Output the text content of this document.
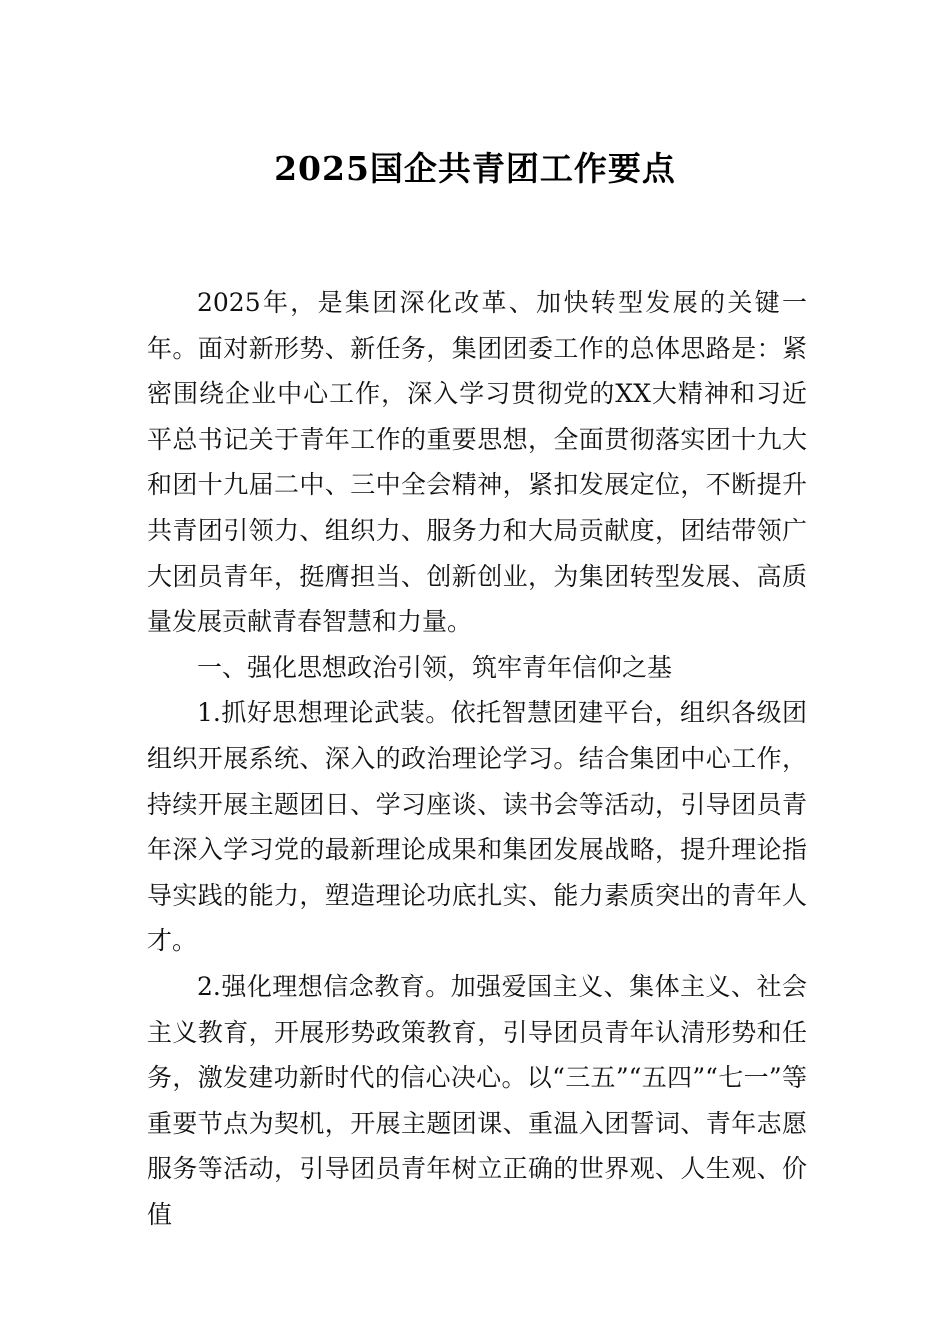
2025国企共青团工作要点

2025年，是集团深化改革、加快转型发展的关键一年。面对新形势、新任务，集团团委工作的总体思路是：紧密围绕企业中心工作，深入学习贯彻党的XX大精神和习近平总书记关于青年工作的重要思想，全面贯彻落实团十九大和团十九届二中、三中全会精神，紧扣发展定位，不断提升共青团引领力、组织力、服务力和大局贡献度，团结带领广大团员青年，挺膺担当、创新创业，为集团转型发展、高质量发展贡献青春智慧和力量。

一、强化思想政治引领，筑牢青年信仰之基

1.抓好思想理论武装。依托智慧团建平台，组织各级团组织开展系统、深入的政治理论学习。结合集团中心工作，持续开展主题团日、学习座谈、读书会等活动，引导团员青年深入学习党的最新理论成果和集团发展战略，提升理论指导实践的能力，塑造理论功底扎实、能力素质突出的青年人才。

2.强化理想信念教育。加强爱国主义、集体主义、社会主义教育，开展形势政策教育，引导团员青年认清形势和任务，激发建功新时代的信心决心。以“三五”“五四”“七一”等重要节点为契机，开展主题团课、重温入团誓词、青年志愿服务等活动，引导团员青年树立正确的世界观、人生观、价值
